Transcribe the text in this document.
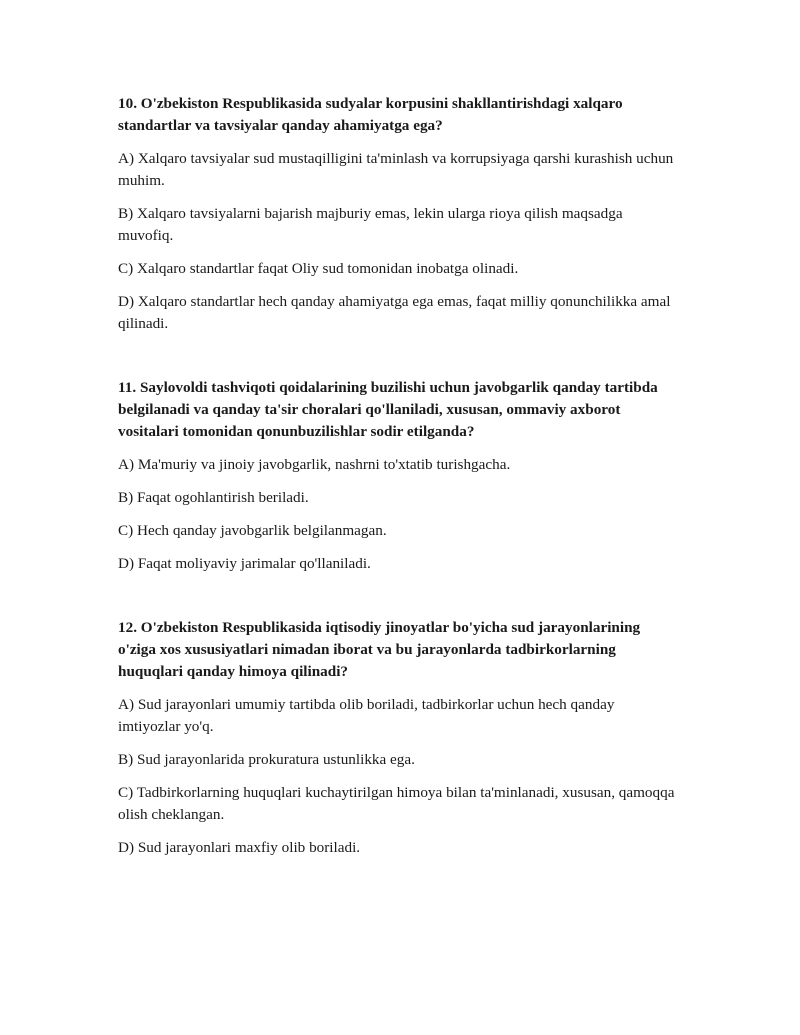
10. O'zbekiston Respublikasida sudyalar korpusini shakllantirishdagi xalqaro standartlar va tavsiyalar qanday ahamiyatga ega?

A) Xalqaro tavsiyalar sud mustaqilligini ta'minlash va korrupsiyaga qarshi kurashish uchun muhim.

B) Xalqaro tavsiyalarni bajarish majburiy emas, lekin ularga rioya qilish maqsadga muvofiq.

C) Xalqaro standartlar faqat Oliy sud tomonidan inobatga olinadi.

D) Xalqaro standartlar hech qanday ahamiyatga ega emas, faqat milliy qonunchilikka amal qilinadi.

11. Saylovoldi tashviqoti qoidalarining buzilishi uchun javobgarlik qanday tartibda belgilanadi va qanday ta'sir choralari qo'llaniladi, xususan, ommaviy axborot vositalari tomonidan qonunbuzilishlar sodir etilganda?

A) Ma'muriy va jinoiy javobgarlik, nashrni to'xtatib turishgacha.

B) Faqat ogohlantirish beriladi.

C) Hech qanday javobgarlik belgilanmagan.

D) Faqat moliyaviy jarimalar qo'llaniladi.

12. O'zbekiston Respublikasida iqtisodiy jinoyatlar bo'yicha sud jarayonlarining o'ziga xos xususiyatlari nimadan iborat va bu jarayonlarda tadbirkorlarning huquqlari qanday himoya qilinadi?

A) Sud jarayonlari umumiy tartibda olib boriladi, tadbirkorlar uchun hech qanday imtiyozlar yo'q.

B) Sud jarayonlarida prokuratura ustunlikka ega.

C) Tadbirkorlarning huquqlari kuchaytirilgan himoya bilan ta'minlanadi, xususan, qamoqqa olish cheklangan.

D) Sud jarayonlari maxfiy olib boriladi.
